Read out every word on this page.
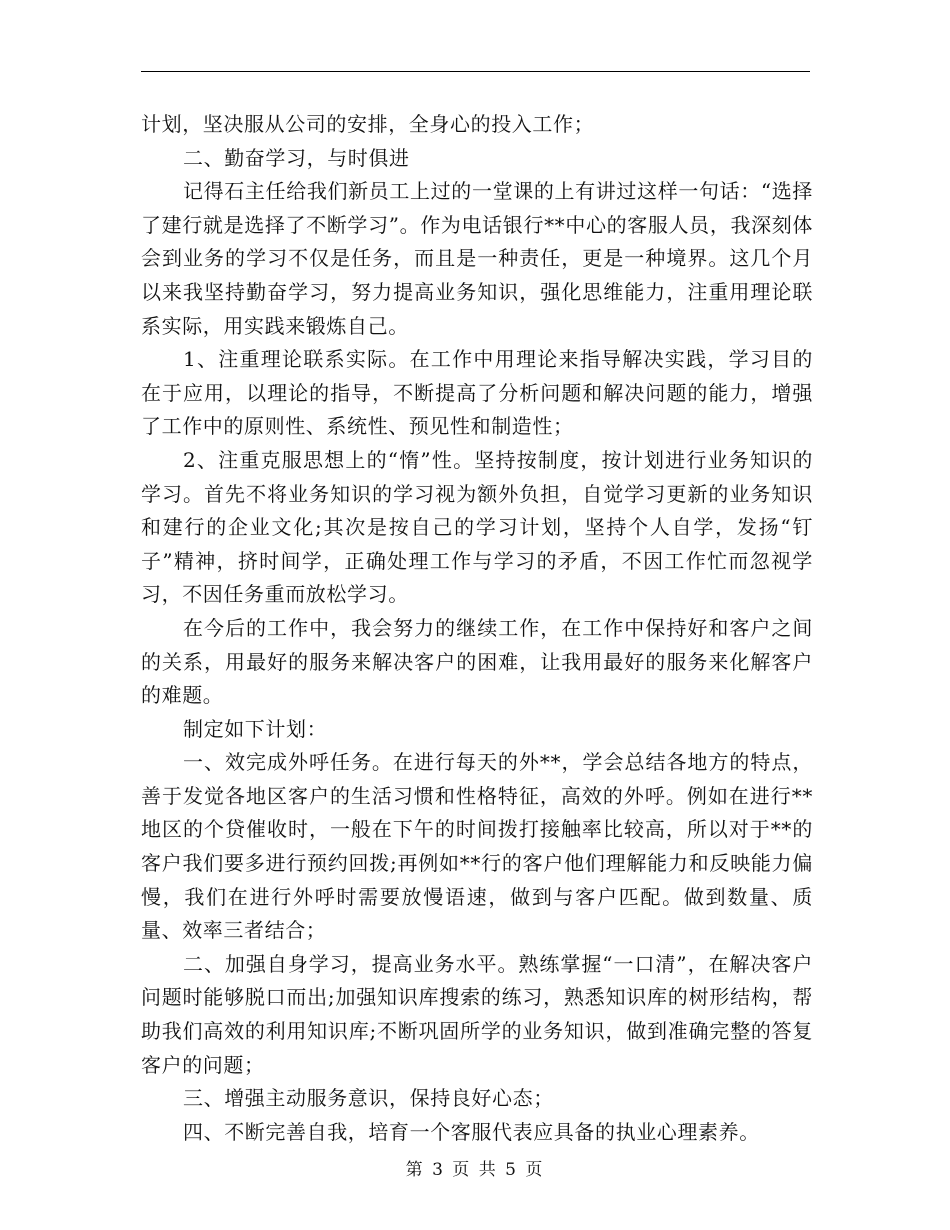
计划，坚决服从公司的安排，全身心的投入工作；

二、勤奋学习，与时俱进

记得石主任给我们新员工上过的一堂课的上有讲过这样一句话：“选择了建行就是选择了不断学习”。作为电话银行**中心的客服人员，我深刻体会到业务的学习不仅是任务，而且是一种责任，更是一种境界。这几个月以来我坚持勤奋学习，努力提高业务知识，强化思维能力，注重用理论联系实际，用实践来锻炼自己。

1、注重理论联系实际。在工作中用理论来指导解决实践，学习目的在于应用，以理论的指导，不断提高了分析问题和解决问题的能力，增强了工作中的原则性、系统性、预见性和制造性；

2、注重克服思想上的“惰”性。坚持按制度，按计划进行业务知识的学习。首先不将业务知识的学习视为额外负担，自觉学习更新的业务知识和建行的企业文化;其次是按自己的学习计划，坚持个人自学，发扬“钉子”精神，挤时间学，正确处理工作与学习的矛盾，不因工作忙而忽视学习，不因任务重而放松学习。

在今后的工作中，我会努力的继续工作，在工作中保持好和客户之间的关系，用最好的服务来解决客户的困难，让我用最好的服务来化解客户的难题。

制定如下计划：

一、效完成外呼任务。在进行每天的外**，学会总结各地方的特点，善于发觉各地区客户的生活习惯和性格特征，高效的外呼。例如在进行**地区的个贷催收时，一般在下午的时间拨打接触率比较高，所以对于**的客户我们要多进行预约回拨;再例如**行的客户他们理解能力和反映能力偏慢，我们在进行外呼时需要放慢语速，做到与客户匹配。做到数量、质量、效率三者结合；

二、加强自身学习，提高业务水平。熟练掌握“一口清”，在解决客户问题时能够脱口而出;加强知识库搜索的练习，熟悉知识库的树形结构，帮助我们高效的利用知识库;不断巩固所学的业务知识，做到准确完整的答复客户的问题；

三、增强主动服务意识，保持良好心态；

四、不断完善自我，培育一个客服代表应具备的执业心理素养。

第 3 页 共 5 页
